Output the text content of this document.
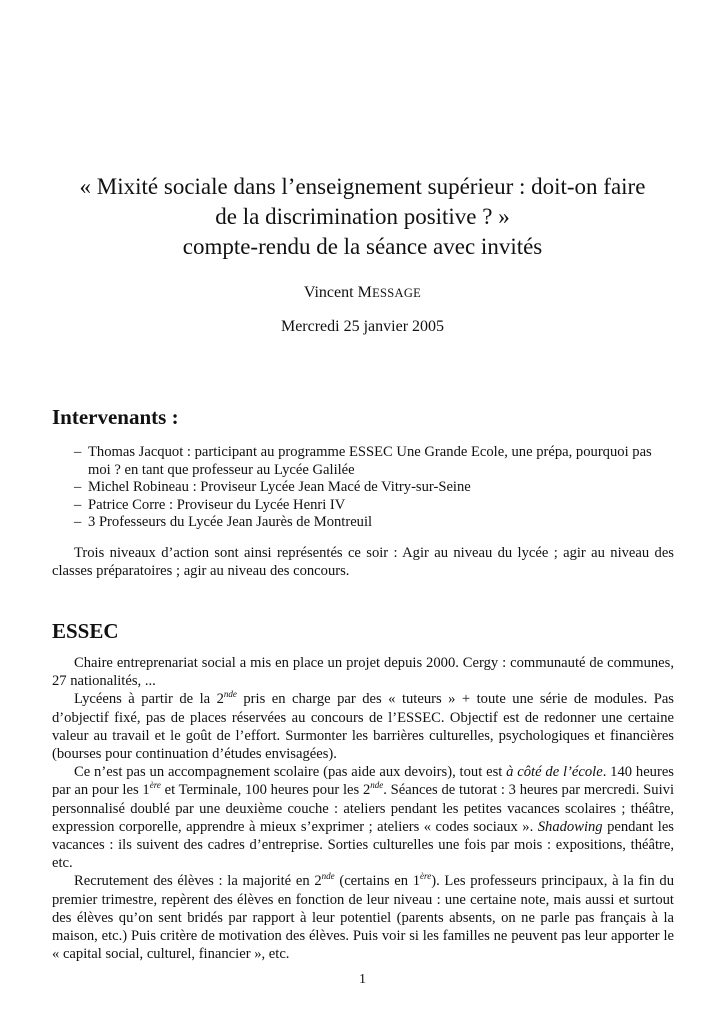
« Mixité sociale dans l’enseignement supérieur : doit-on faire
de la discrimination positive ? »
compte-rendu de la séance avec invités
Vincent MESSAGE
Mercredi 25 janvier 2005
Intervenants :
– Thomas Jacquot : participant au programme ESSEC Une Grande Ecole, une prépa, pourquoi pas moi ? en tant que professeur au Lycée Galilée
– Michel Robineau : Proviseur Lycée Jean Macé de Vitry-sur-Seine
– Patrice Corre : Proviseur du Lycée Henri IV
– 3 Professeurs du Lycée Jean Jaurès de Montreuil

Trois niveaux d’action sont ainsi représentés ce soir : Agir au niveau du lycée ; agir au niveau des classes préparatoires ; agir au niveau des concours.

ESSEC

Chaire entreprenariat social a mis en place un projet depuis 2000. Cergy : communauté de communes, 27 nationalités, ...

Lycéens à partir de la 2nde pris en charge par des « tuteurs » + toute une série de modules. Pas d’objectif fixé, pas de places réservées au concours de l’ESSEC. Objectif est de redonner une certaine valeur au travail et le goût de l’effort. Surmonter les barrières culturelles, psychologiques et financières (bourses pour continuation d’études envisagées).

Ce n’est pas un accompagnement scolaire (pas aide aux devoirs), tout est à côté de l’école. 140 heures par an pour les 1ère et Terminale, 100 heures pour les 2nde. Séances de tutorat : 3 heures par mercredi. Suivi personnalisé doublé par une deuxième couche : ateliers pendant les petites vacances scolaires ; théâtre, expression corporelle, apprendre à mieux s’exprimer ; ateliers « codes sociaux ». Shadowing pendant les vacances : ils suivent des cadres d’entreprise. Sorties culturelles une fois par mois : expositions, théâtre, etc.

Recrutement des élèves : la majorité en 2nde (certains en 1ère). Les professeurs principaux, à la fin du premier trimestre, repèrent des élèves en fonction de leur niveau : une certaine note, mais aussi et surtout des élèves qu’on sent bridés par rapport à leur potentiel (parents absents, on ne parle pas français à la maison, etc.) Puis critère de motivation des élèves. Puis voir si les familles ne peuvent pas leur apporter le « capital social, culturel, financier », etc.

1
